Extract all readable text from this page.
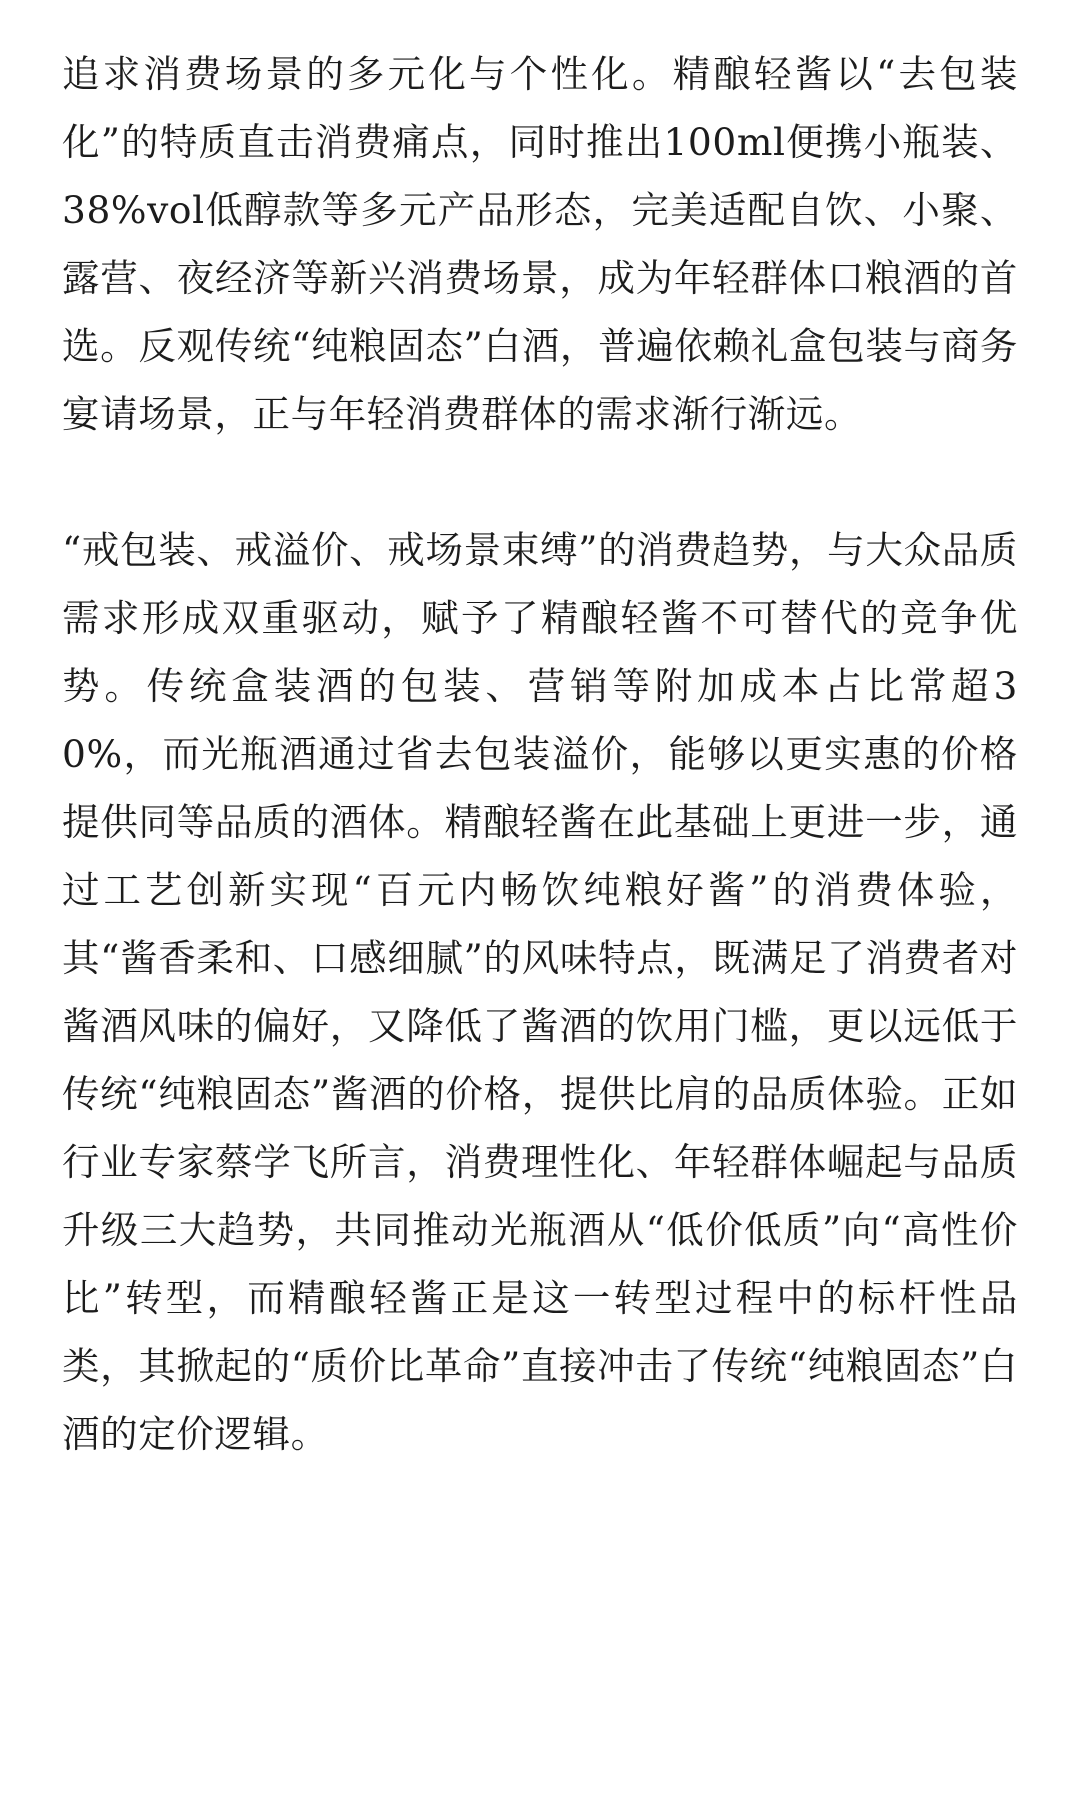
追求消费场景的多元化与个性化。精酿轻酱以“去包装化”的特质直击消费痛点，同时推出100ml便携小瓶装、38%vol低醇款等多元产品形态，完美适配自饮、小聚、露营、夜经济等新兴消费场景，成为年轻群体口粮酒的首选。反观传统“纯粮固态”白酒，普遍依赖礼盒包装与商务宴请场景，正与年轻消费群体的需求渐行渐远。

“戒包装、戒溢价、戒场景束缚”的消费趋势，与大众品质需求形成双重驱动，赋予了精酿轻酱不可替代的竞争优势。传统盒装酒的包装、营销等附加成本占比常超30%，而光瓶酒通过省去包装溢价，能够以更实惠的价格提供同等品质的酒体。精酿轻酱在此基础上更进一步，通过工艺创新实现“百元内畅饮纯粮好酱”的消费体验，其“酱香柔和、口感细腻”的风味特点，既满足了消费者对酱酒风味的偏好，又降低了酱酒的饮用门槛，更以远低于传统“纯粮固态”酱酒的价格，提供比肩的品质体验。正如行业专家蔡学飞所言，消费理性化、年轻群体崛起与品质升级三大趋势，共同推动光瓶酒从“低价低质”向“高性价比”转型，而精酿轻酱正是这一转型过程中的标杆性品类，其掀起的“质价比革命”直接冲击了传统“纯粮固态”白酒的定价逻辑。
